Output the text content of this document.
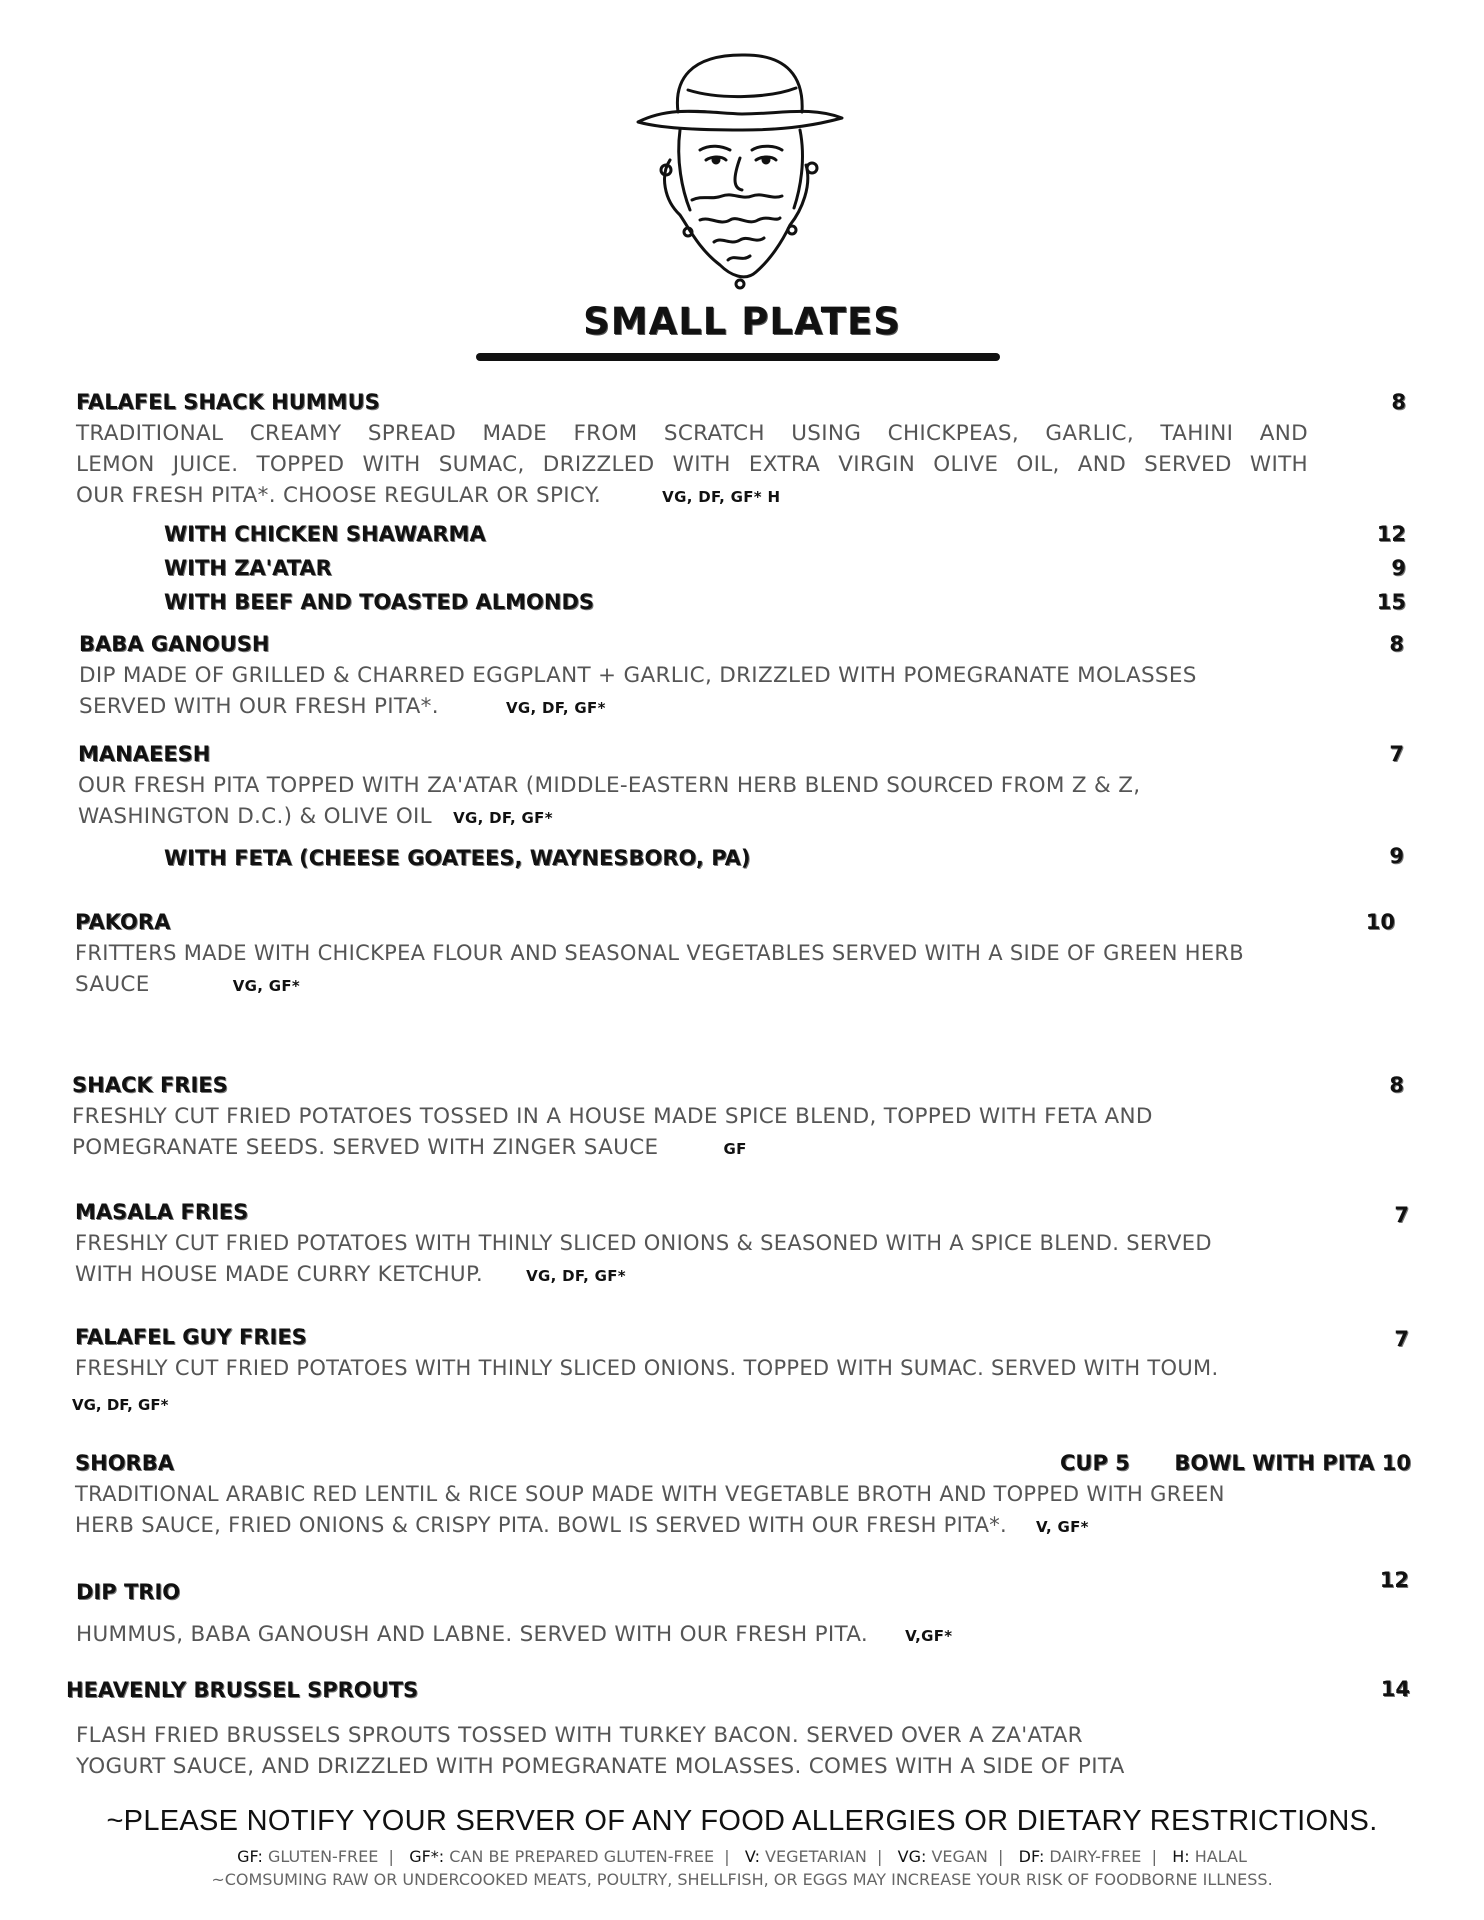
SMALL PLATES
FALAFEL SHACK HUMMUS	8
TRADITIONAL CREAMY SPREAD MADE FROM SCRATCH USING CHICKPEAS, GARLIC, TAHINI AND
LEMON JUICE. TOPPED WITH SUMAC, DRIZZLED WITH EXTRA VIRGIN OLIVE OIL, AND SERVED WITH
OUR FRESH PITA*. CHOOSE REGULAR OR SPICY.	VG, DF, GF* H
WITH CHICKEN SHAWARMA	12
WITH ZA'ATAR	9
WITH BEEF AND TOASTED ALMONDS	15
BABA GANOUSH	8
DIP MADE OF GRILLED & CHARRED EGGPLANT + GARLIC, DRIZZLED WITH POMEGRANATE MOLASSES
SERVED WITH OUR FRESH PITA*.	VG, DF, GF*
MANAEESH	7
OUR FRESH PITA TOPPED WITH ZA'ATAR (MIDDLE-EASTERN HERB BLEND SOURCED FROM Z & Z,
WASHINGTON D.C.) & OLIVE OIL VG, DF, GF*
WITH FETA (CHEESE GOATEES, WAYNESBORO, PA)	9
PAKORA	10
FRITTERS MADE WITH CHICKPEA FLOUR AND SEASONAL VEGETABLES SERVED WITH A SIDE OF GREEN HERB
SAUCE	VG, GF*
SHACK FRIES	8
FRESHLY CUT FRIED POTATOES TOSSED IN A HOUSE MADE SPICE BLEND, TOPPED WITH FETA AND
POMEGRANATE SEEDS. SERVED WITH ZINGER SAUCE	GF
MASALA FRIES	7
FRESHLY CUT FRIED POTATOES WITH THINLY SLICED ONIONS & SEASONED WITH A SPICE BLEND. SERVED
WITH HOUSE MADE CURRY KETCHUP.	VG, DF, GF*
FALAFEL GUY FRIES	7
FRESHLY CUT FRIED POTATOES WITH THINLY SLICED ONIONS. TOPPED WITH SUMAC. SERVED WITH TOUM.
VG, DF, GF*
SHORBA	CUP 5 BOWL WITH PITA 10
TRADITIONAL ARABIC RED LENTIL & RICE SOUP MADE WITH VEGETABLE BROTH AND TOPPED WITH GREEN
HERB SAUCE, FRIED ONIONS & CRISPY PITA. BOWL IS SERVED WITH OUR FRESH PITA*. V, GF*
DIP TRIO	12
HUMMUS, BABA GANOUSH AND LABNE. SERVED WITH OUR FRESH PITA. V,GF*
HEAVENLY BRUSSEL SPROUTS	14
FLASH FRIED BRUSSELS SPROUTS TOSSED WITH TURKEY BACON. SERVED OVER A ZA'ATAR
YOGURT SAUCE, AND DRIZZLED WITH POMEGRANATE MOLASSES. COMES WITH A SIDE OF PITA
~PLEASE NOTIFY YOUR SERVER OF ANY FOOD ALLERGIES OR DIETARY RESTRICTIONS.
GF: GLUTEN-FREE  |   GF*: CAN BE PREPARED GLUTEN-FREE  |   V: VEGETARIAN  |   VG: VEGAN  |   DF: DAIRY-FREE  |   H: HALAL
~COMSUMING RAW OR UNDERCOOKED MEATS, POULTRY, SHELLFISH, OR EGGS MAY INCREASE YOUR RISK OF FOODBORNE ILLNESS.
